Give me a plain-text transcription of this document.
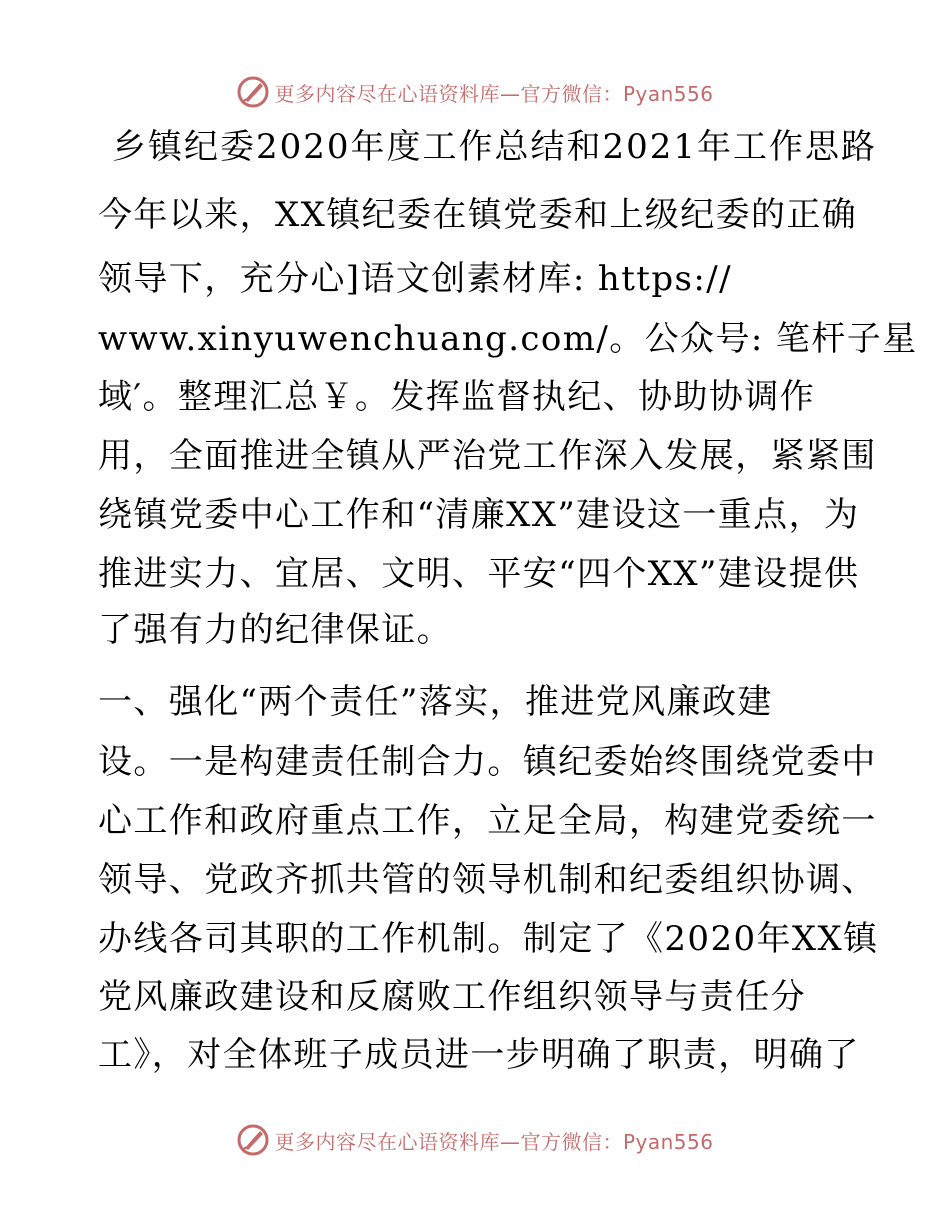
更多内容尽在心语资料库—官方微信：Pyan556
乡镇纪委2020年度工作总结和2021年工作思路
今年以来，XX镇纪委在镇党委和上级纪委的正确
领导下，充分心]语文创素材库: https://
www.xinyuwenchuang.com/。公众号: 笔杆子星
域′。整理汇总￥。发挥监督执纪、协助协调作
用，全面推进全镇从严治党工作深入发展，紧紧围
绕镇党委中心工作和“清廉XX”建设这一重点，为
推进实力、宜居、文明、平安“四个XX”建设提供
了强有力的纪律保证。
一、强化“两个责任”落实，推进党风廉政建
设。一是构建责任制合力。镇纪委始终围绕党委中
心工作和政府重点工作，立足全局，构建党委统一
领导、党政齐抓共管的领导机制和纪委组织协调、
办线各司其职的工作机制。制定了《2020年XX镇
党风廉政建设和反腐败工作组织领导与责任分
工》，对全体班子成员进一步明确了职责，明确了
更多内容尽在心语资料库—官方微信：Pyan556
